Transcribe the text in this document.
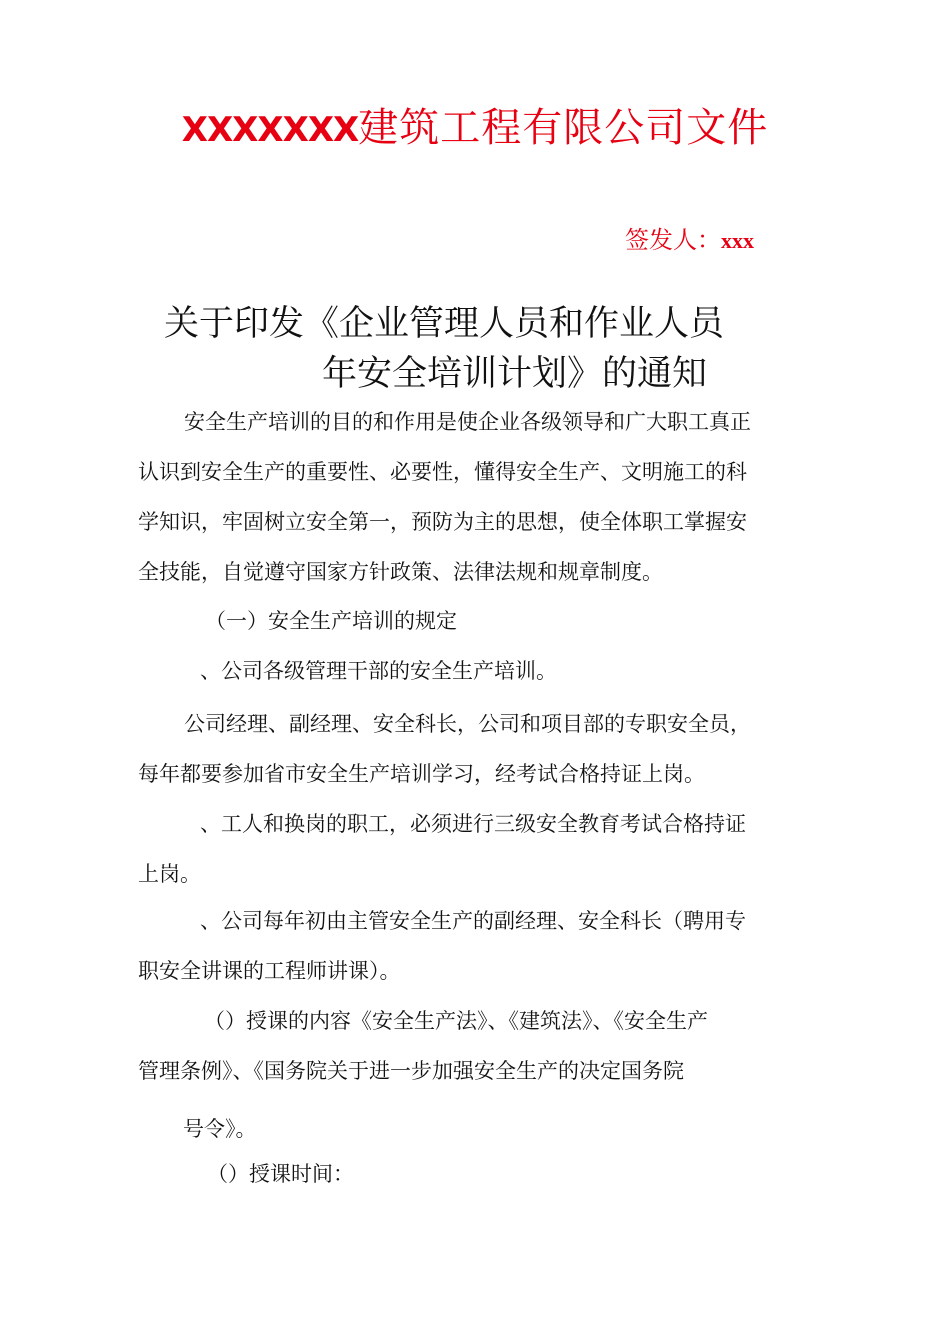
XXXXXXX建筑工程有限公司文件
签发人：xxx
关于印发《企业管理人员和作业人员
年安全培训计划》的通知
安全生产培训的目的和作用是使企业各级领导和广大职工真正
认识到安全生产的重要性、必要性，懂得安全生产、文明施工的科
学知识，牢固树立安全第一，预防为主的思想，使全体职工掌握安
全技能，自觉遵守国家方针政策、法律法规和规章制度。
（一）安全生产培训的规定
、公司各级管理干部的安全生产培训。
公司经理、副经理、安全科长，公司和项目部的专职安全员，
每年都要参加省市安全生产培训学习，经考试合格持证上岗。
、工人和换岗的职工，必须进行三级安全教育考试合格持证
上岗。
、公司每年初由主管安全生产的副经理、安全科长（聘用专
职安全讲课的工程师讲课）。
（）授课的内容《安全生产法》、《建筑法》、《安全生产
管理条例》、《国务院关于进一步加强安全生产的决定国务院
号令》。
（）授课时间：
